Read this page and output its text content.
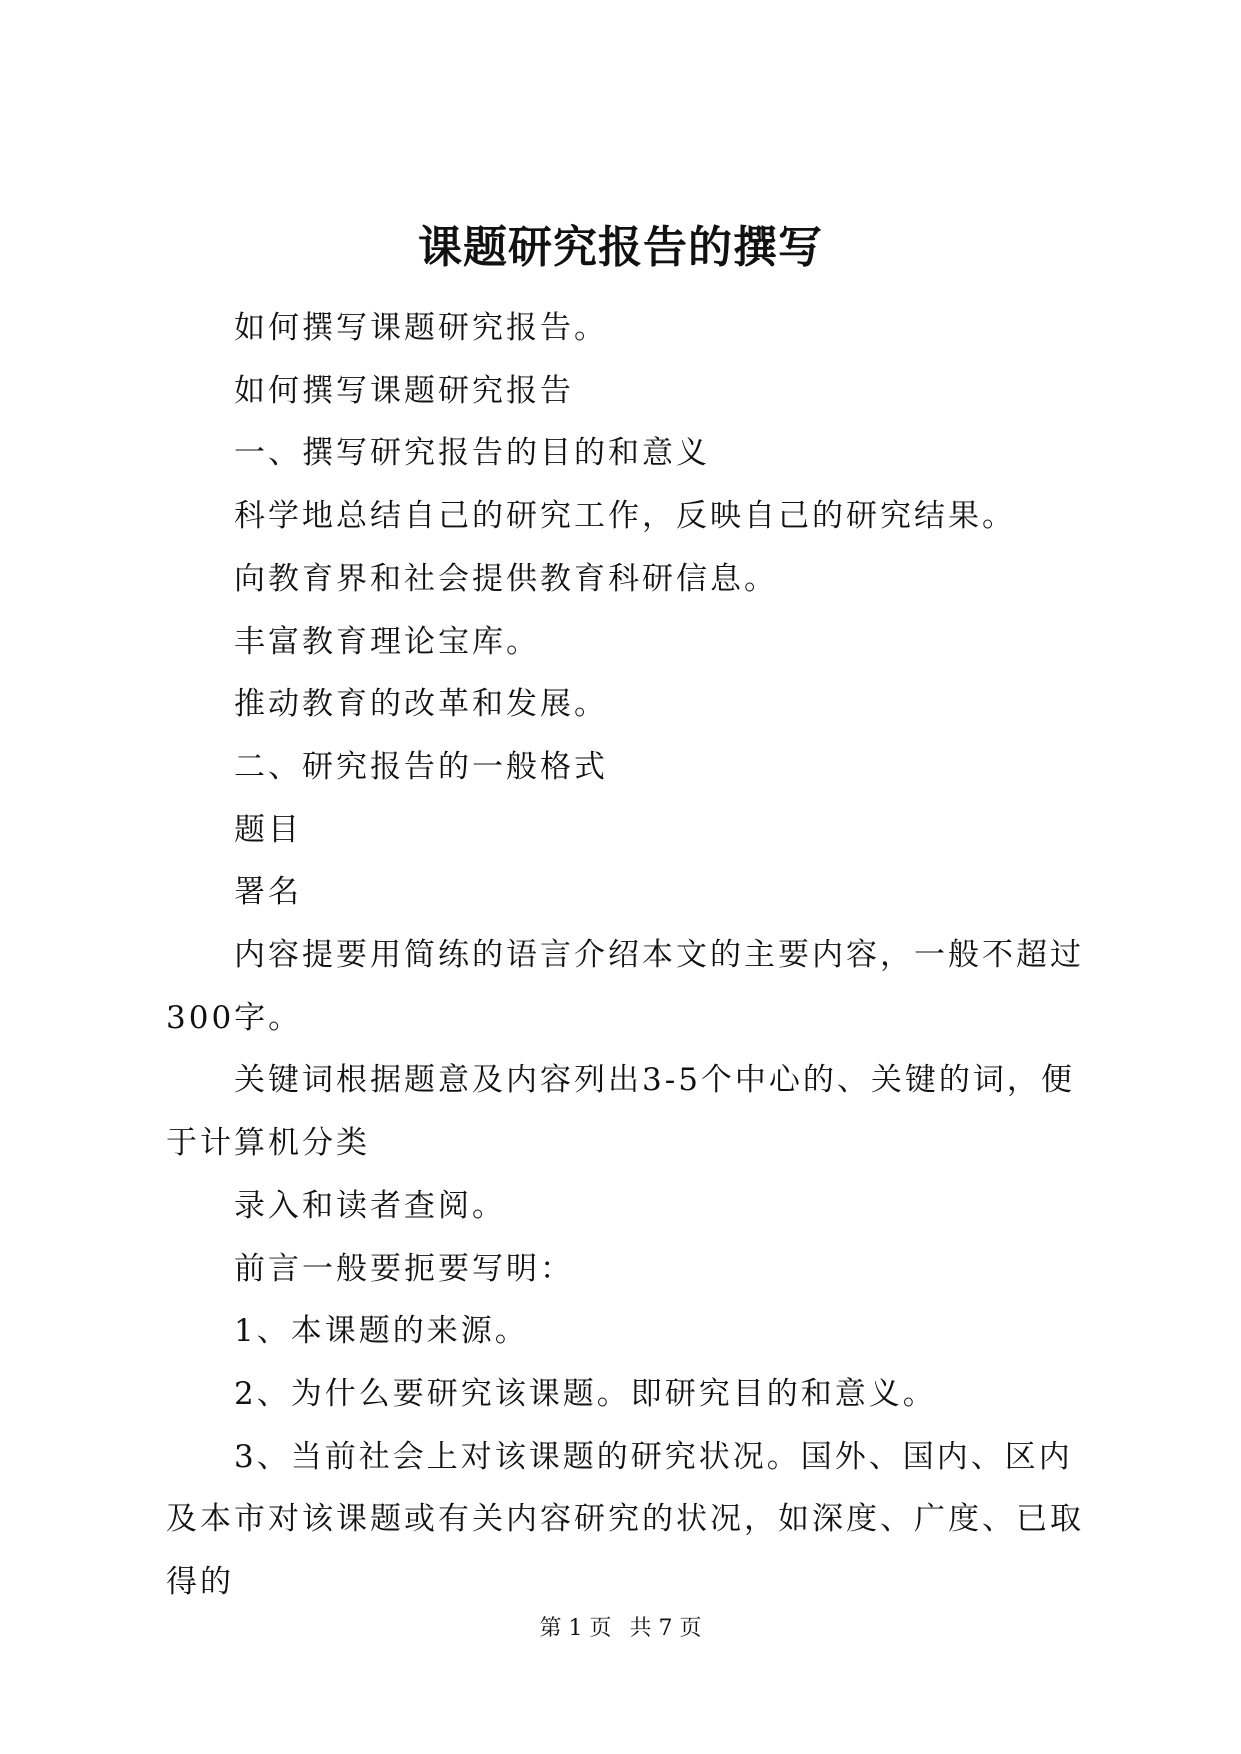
课题研究报告的撰写

如何撰写课题研究报告。

如何撰写课题研究报告

一、撰写研究报告的目的和意义

科学地总结自己的研究工作，反映自己的研究结果。

向教育界和社会提供教育科研信息。

丰富教育理论宝库。

推动教育的改革和发展。

二、研究报告的一般格式

题目

署名

内容提要用简练的语言介绍本文的主要内容，一般不超过300字。

关键词根据题意及内容列出3-5个中心的、关键的词，便于计算机分类

录入和读者查阅。

前言一般要扼要写明：

1、本课题的来源。

2、为什么要研究该课题。即研究目的和意义。

3、当前社会上对该课题的研究状况。国外、国内、区内及本市对该课题或有关内容研究的状况，如深度、广度、已取得的

第 1 页 共 7 页
